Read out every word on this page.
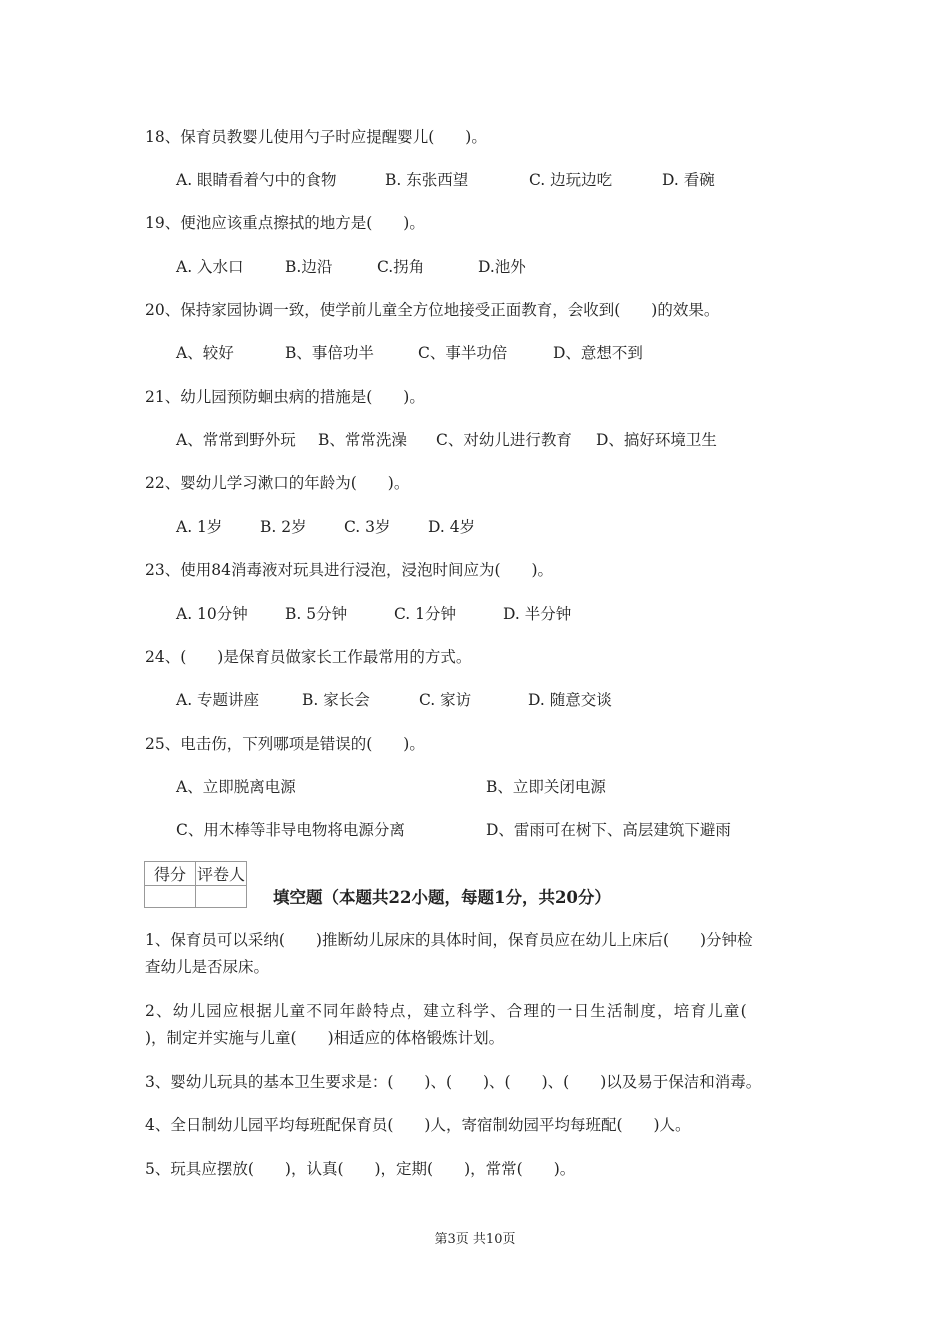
18、保育员教婴儿使用勺子时应提醒婴儿(　　)。
A. 眼睛看着勺中的食物	B. 东张西望	C. 边玩边吃	D. 看碗
19、便池应该重点擦拭的地方是(　　)。
A. 入水口	B.边沿	C.拐角	D.池外
20、保持家园协调一致，使学前儿童全方位地接受正面教育，会收到(　　)的效果。
A、较好	B、事倍功半	C、事半功倍	D、意想不到
21、幼儿园预防蛔虫病的措施是(　　)。
A、常常到野外玩 B、常常洗澡 C、对幼儿进行教育 D、搞好环境卫生
22、婴幼儿学习漱口的年龄为(　　)。
A. 1岁 B. 2岁 C. 3岁 D. 4岁
23、使用84消毒液对玩具进行浸泡，浸泡时间应为(　　)。
A. 10分钟 B. 5分钟	C. 1分钟	D. 半分钟
24、(　　)是保育员做家长工作最常用的方式。
A. 专题讲座	B. 家长会	C. 家访	D. 随意交谈
25、电击伤，下列哪项是错误的(　　)。
A、立即脱离电源	B、立即关闭电源
C、用木棒等非导电物将电源分离	D、雷雨可在树下、高层建筑下避雨
得分	评卷人

填空题（本题共22小题，每题1分，共20分）
1、保育员可以采纳(　　)推断幼儿尿床的具体时间，保育员应在幼儿上床后(　　)分钟检
查幼儿是否尿床。
2、幼儿园应根据儿童不同年龄特点，建立科学、合理的一日生活制度，培育儿童(
)，制定并实施与儿童(　　)相适应的体格锻炼计划。
3、婴幼儿玩具的基本卫生要求是：(　　)、(　　)、(　　)、(　　)以及易于保洁和消毒。
4、全日制幼儿园平均每班配保育员(　　)人，寄宿制幼园平均每班配(　　)人。
5、玩具应摆放(　　)，认真(　　)，定期(　　)，常常(　　)。
第3页 共10页
